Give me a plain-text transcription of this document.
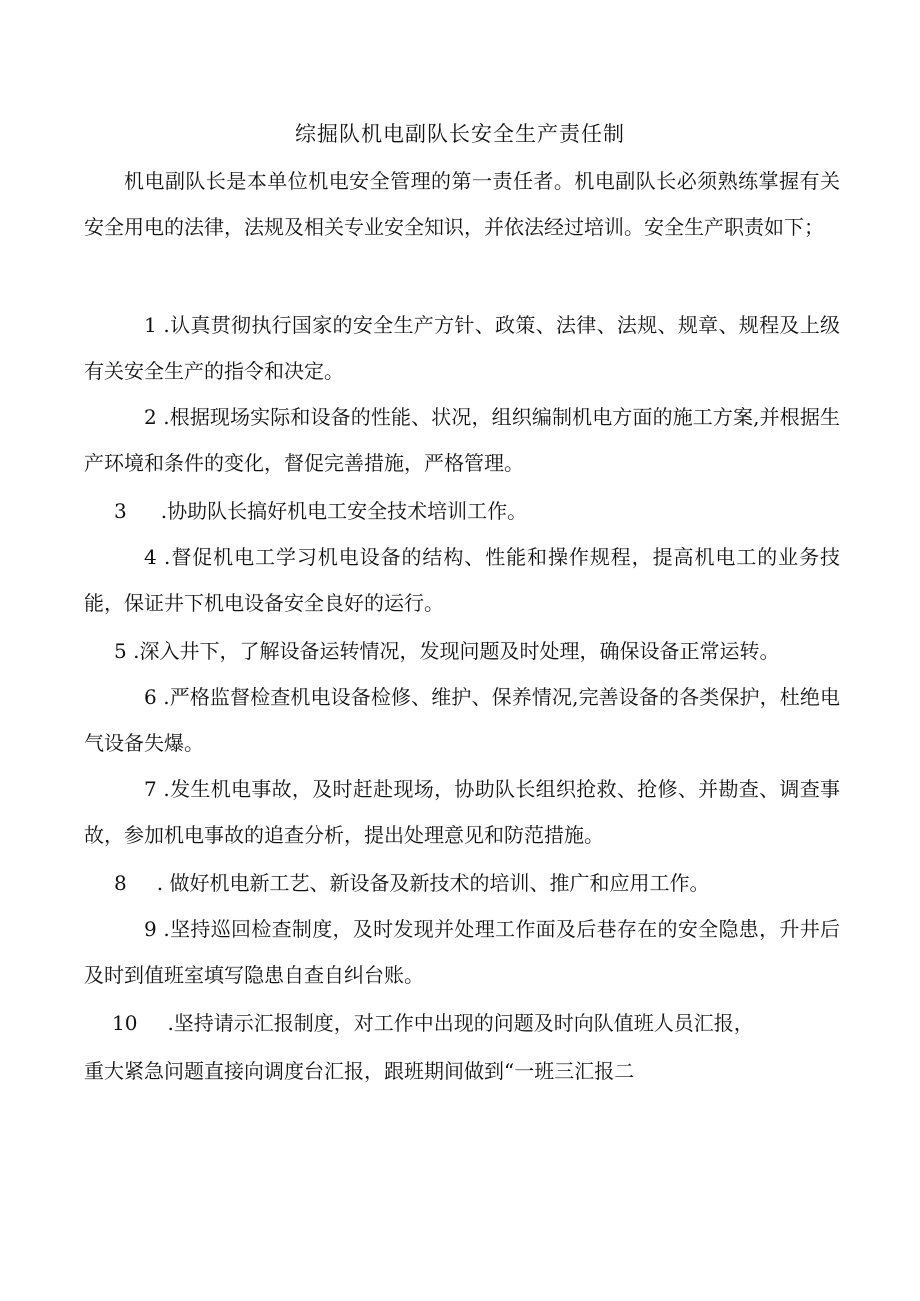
综掘队机电副队长安全生产责任制
机电副队长是本单位机电安全管理的第一责任者。机电副队长必须熟练掌握有关安全用电的法律，法规及相关专业安全知识，并依法经过培训。安全生产职责如下；
1 .认真贯彻执行国家的安全生产方针、政策、法律、法规、规章、规程及上级有关安全生产的指令和决定。
2 .根据现场实际和设备的性能、状况，组织编制机电方面的施工方案,并根据生产环境和条件的变化，督促完善措施，严格管理。
3 .协助队长搞好机电工安全技术培训工作。
4 .督促机电工学习机电设备的结构、性能和操作规程，提高机电工的业务技能，保证井下机电设备安全良好的运行。
5 .深入井下，了解设备运转情况，发现问题及时处理，确保设备正常运转。
6 .严格监督检查机电设备检修、维护、保养情况,完善设备的各类保护，杜绝电气设备失爆。
7 .发生机电事故，及时赶赴现场，协助队长组织抢救、抢修、并勘查、调查事故，参加机电事故的追查分析，提出处理意见和防范措施。
8 . 做好机电新工艺、新设备及新技术的培训、推广和应用工作。
9 .坚持巡回检查制度，及时发现并处理工作面及后巷存在的安全隐患，升井后及时到值班室填写隐患自查自纠台账。
10 .坚持请示汇报制度，对工作中出现的问题及时向队值班人员汇报，
重大紧急问题直接向调度台汇报，跟班期间做到“一班三汇报二
